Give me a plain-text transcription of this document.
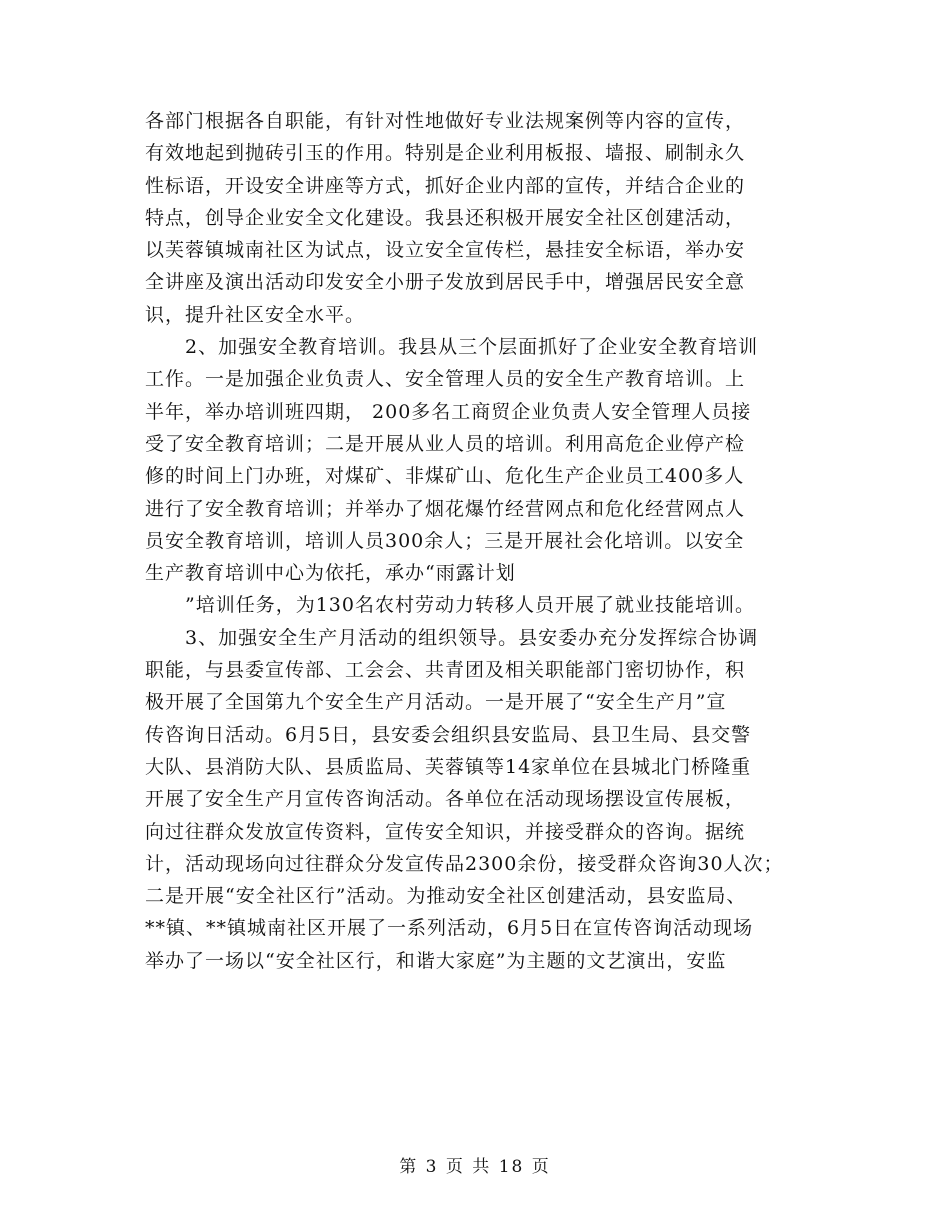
各部门根据各自职能，有针对性地做好专业法规案例等内容的宣传，
有效地起到抛砖引玉的作用。特别是企业利用板报、墙报、刷制永久
性标语，开设安全讲座等方式，抓好企业内部的宣传，并结合企业的
特点，创导企业安全文化建设。我县还积极开展安全社区创建活动，
以芙蓉镇城南社区为试点，设立安全宣传栏，悬挂安全标语，举办安
全讲座及演出活动印发安全小册子发放到居民手中，增强居民安全意
识，提升社区安全水平。
　　2、加强安全教育培训。我县从三个层面抓好了企业安全教育培训
工作。一是加强企业负责人、安全管理人员的安全生产教育培训。上
半年，举办培训班四期， 200多名工商贸企业负责人安全管理人员接
受了安全教育培训；二是开展从业人员的培训。利用高危企业停产检
修的时间上门办班，对煤矿、非煤矿山、危化生产企业员工400多人
进行了安全教育培训；并举办了烟花爆竹经营网点和危化经营网点人
员安全教育培训，培训人员300余人；三是开展社会化培训。以安全
生产教育培训中心为依托，承办“雨露计划
　　”培训任务，为130名农村劳动力转移人员开展了就业技能培训。
　　3、加强安全生产月活动的组织领导。县安委办充分发挥综合协调
职能，与县委宣传部、工会会、共青团及相关职能部门密切协作，积
极开展了全国第九个安全生产月活动。一是开展了“安全生产月”宣
传咨询日活动。6月5日，县安委会组织县安监局、县卫生局、县交警
大队、县消防大队、县质监局、芙蓉镇等14家单位在县城北门桥隆重
开展了安全生产月宣传咨询活动。各单位在活动现场摆设宣传展板，
向过往群众发放宣传资料，宣传安全知识，并接受群众的咨询。据统
计，活动现场向过往群众分发宣传品2300余份，接受群众咨询30人次；
二是开展“安全社区行”活动。为推动安全社区创建活动，县安监局、
**镇、**镇城南社区开展了一系列活动，6月5日在宣传咨询活动现场
举办了一场以“安全社区行，和谐大家庭”为主题的文艺演出，安监
第 3 页 共 18 页
